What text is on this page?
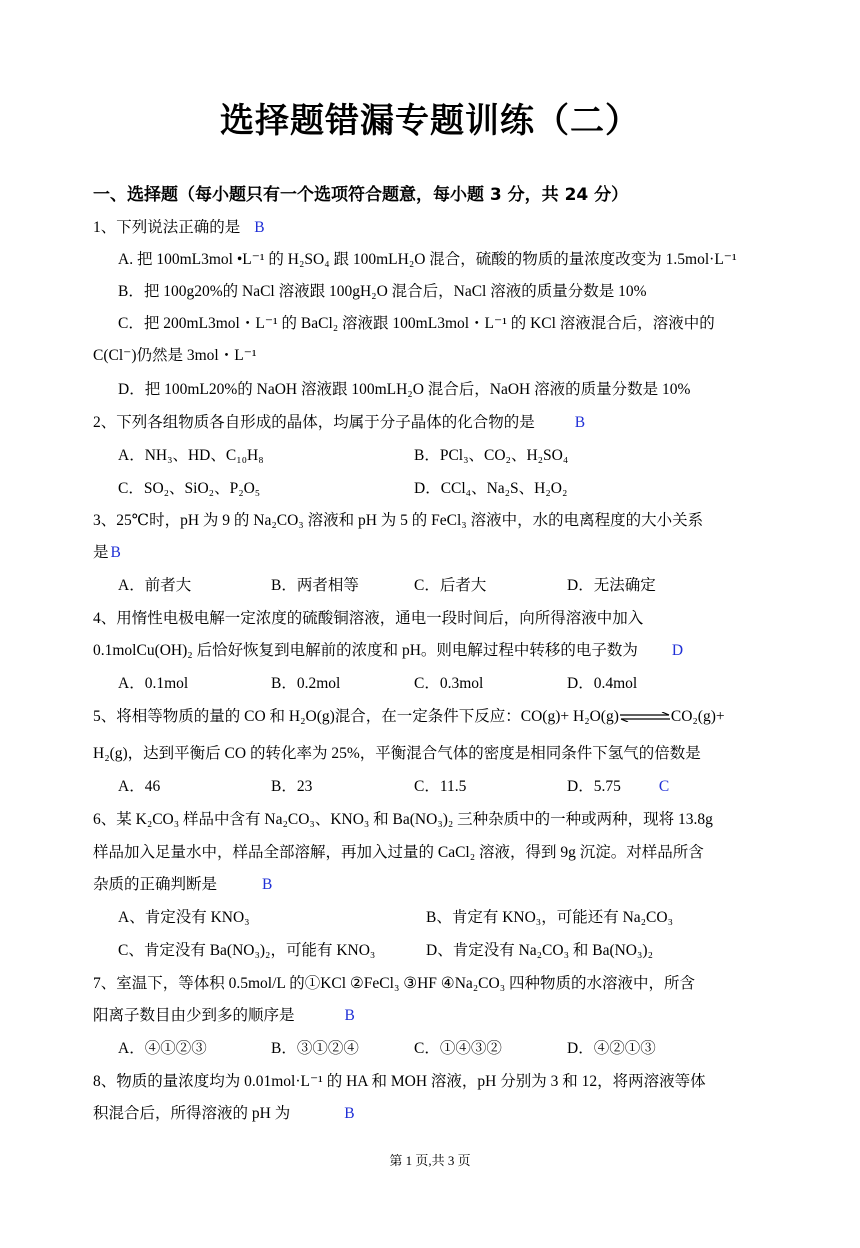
选择题错漏专题训练（二）
一、选择题（每小题只有一个选项符合题意，每小题 3 分，共 24 分）
1、下列说法正确的是 B
A. 把 100mL3mol •L⁻¹ 的 H₂SO₄ 跟 100mLH₂O 混合，硫酸的物质的量浓度改变为 1.5mol·L⁻¹
B．把 100g20%的 NaCl 溶液跟 100gH₂O 混合后，NaCl 溶液的质量分数是 10%
C．把 200mL3mol・L⁻¹ 的 BaCl₂ 溶液跟 100mL3mol・L⁻¹ 的 KCl 溶液混合后，溶液中的
C(Cl⁻)仍然是 3mol・L⁻¹
D．把 100mL20%的 NaOH 溶液跟 100mLH₂O 混合后，NaOH 溶液的质量分数是 10%
2、下列各组物质各自形成的晶体，均属于分子晶体的化合物的是	B
A．NH₃、HD、C₁₀H₈	B．PCl₃、CO₂、H₂SO₄
C．SO₂、SiO₂、P₂O₅	D．CCl₄、Na₂S、H₂O₂
3、25℃时，pH 为 9 的 Na₂CO₃ 溶液和 pH 为 5 的 FeCl₃ 溶液中，水的电离程度的大小关系
是 B
A．前者大	B．两者相等	C．后者大	D．无法确定
4、用惰性电极电解一定浓度的硫酸铜溶液，通电一段时间后，向所得溶液中加入
0.1molCu(OH)₂ 后恰好恢复到电解前的浓度和 pH。则电解过程中转移的电子数为 D
A．0.1mol	B．0.2mol	C．0.3mol	D．0.4mol
5、将相等物质的量的 CO 和 H₂O(g)混合，在一定条件下反应：CO(g)+ H₂O(g)⇌CO₂(g)+
H₂(g)，达到平衡后 CO 的转化率为 25%，平衡混合气体的密度是相同条件下氢气的倍数是
A．46	B．23	C．11.5	D．5.75 C
6、某 K₂CO₃ 样品中含有 Na₂CO₃、KNO₃ 和 Ba(NO₃)₂ 三种杂质中的一种或两种，现将 13.8g
样品加入足量水中，样品全部溶解，再加入过量的 CaCl₂ 溶液，得到 9g 沉淀。对样品所含
杂质的正确判断是	B
A、肯定没有 KNO₃	B、肯定有 KNO₃，可能还有 Na₂CO₃
C、肯定没有 Ba(NO₃)₂，可能有 KNO₃	D、肯定没有 Na₂CO₃ 和 Ba(NO₃)₂
7、室温下，等体积 0.5mol/L 的①KCl ②FeCl₃ ③HF ④Na₂CO₃ 四种物质的水溶液中，所含
阳离子数目由少到多的顺序是	B
A．④①②③	B．③①②④	C．①④③②	D．④②①③
8、物质的量浓度均为 0.01mol·L⁻¹ 的 HA 和 MOH 溶液，pH 分别为 3 和 12，将两溶液等体
积混合后，所得溶液的 pH 为	B
第 1 页,共 3 页
